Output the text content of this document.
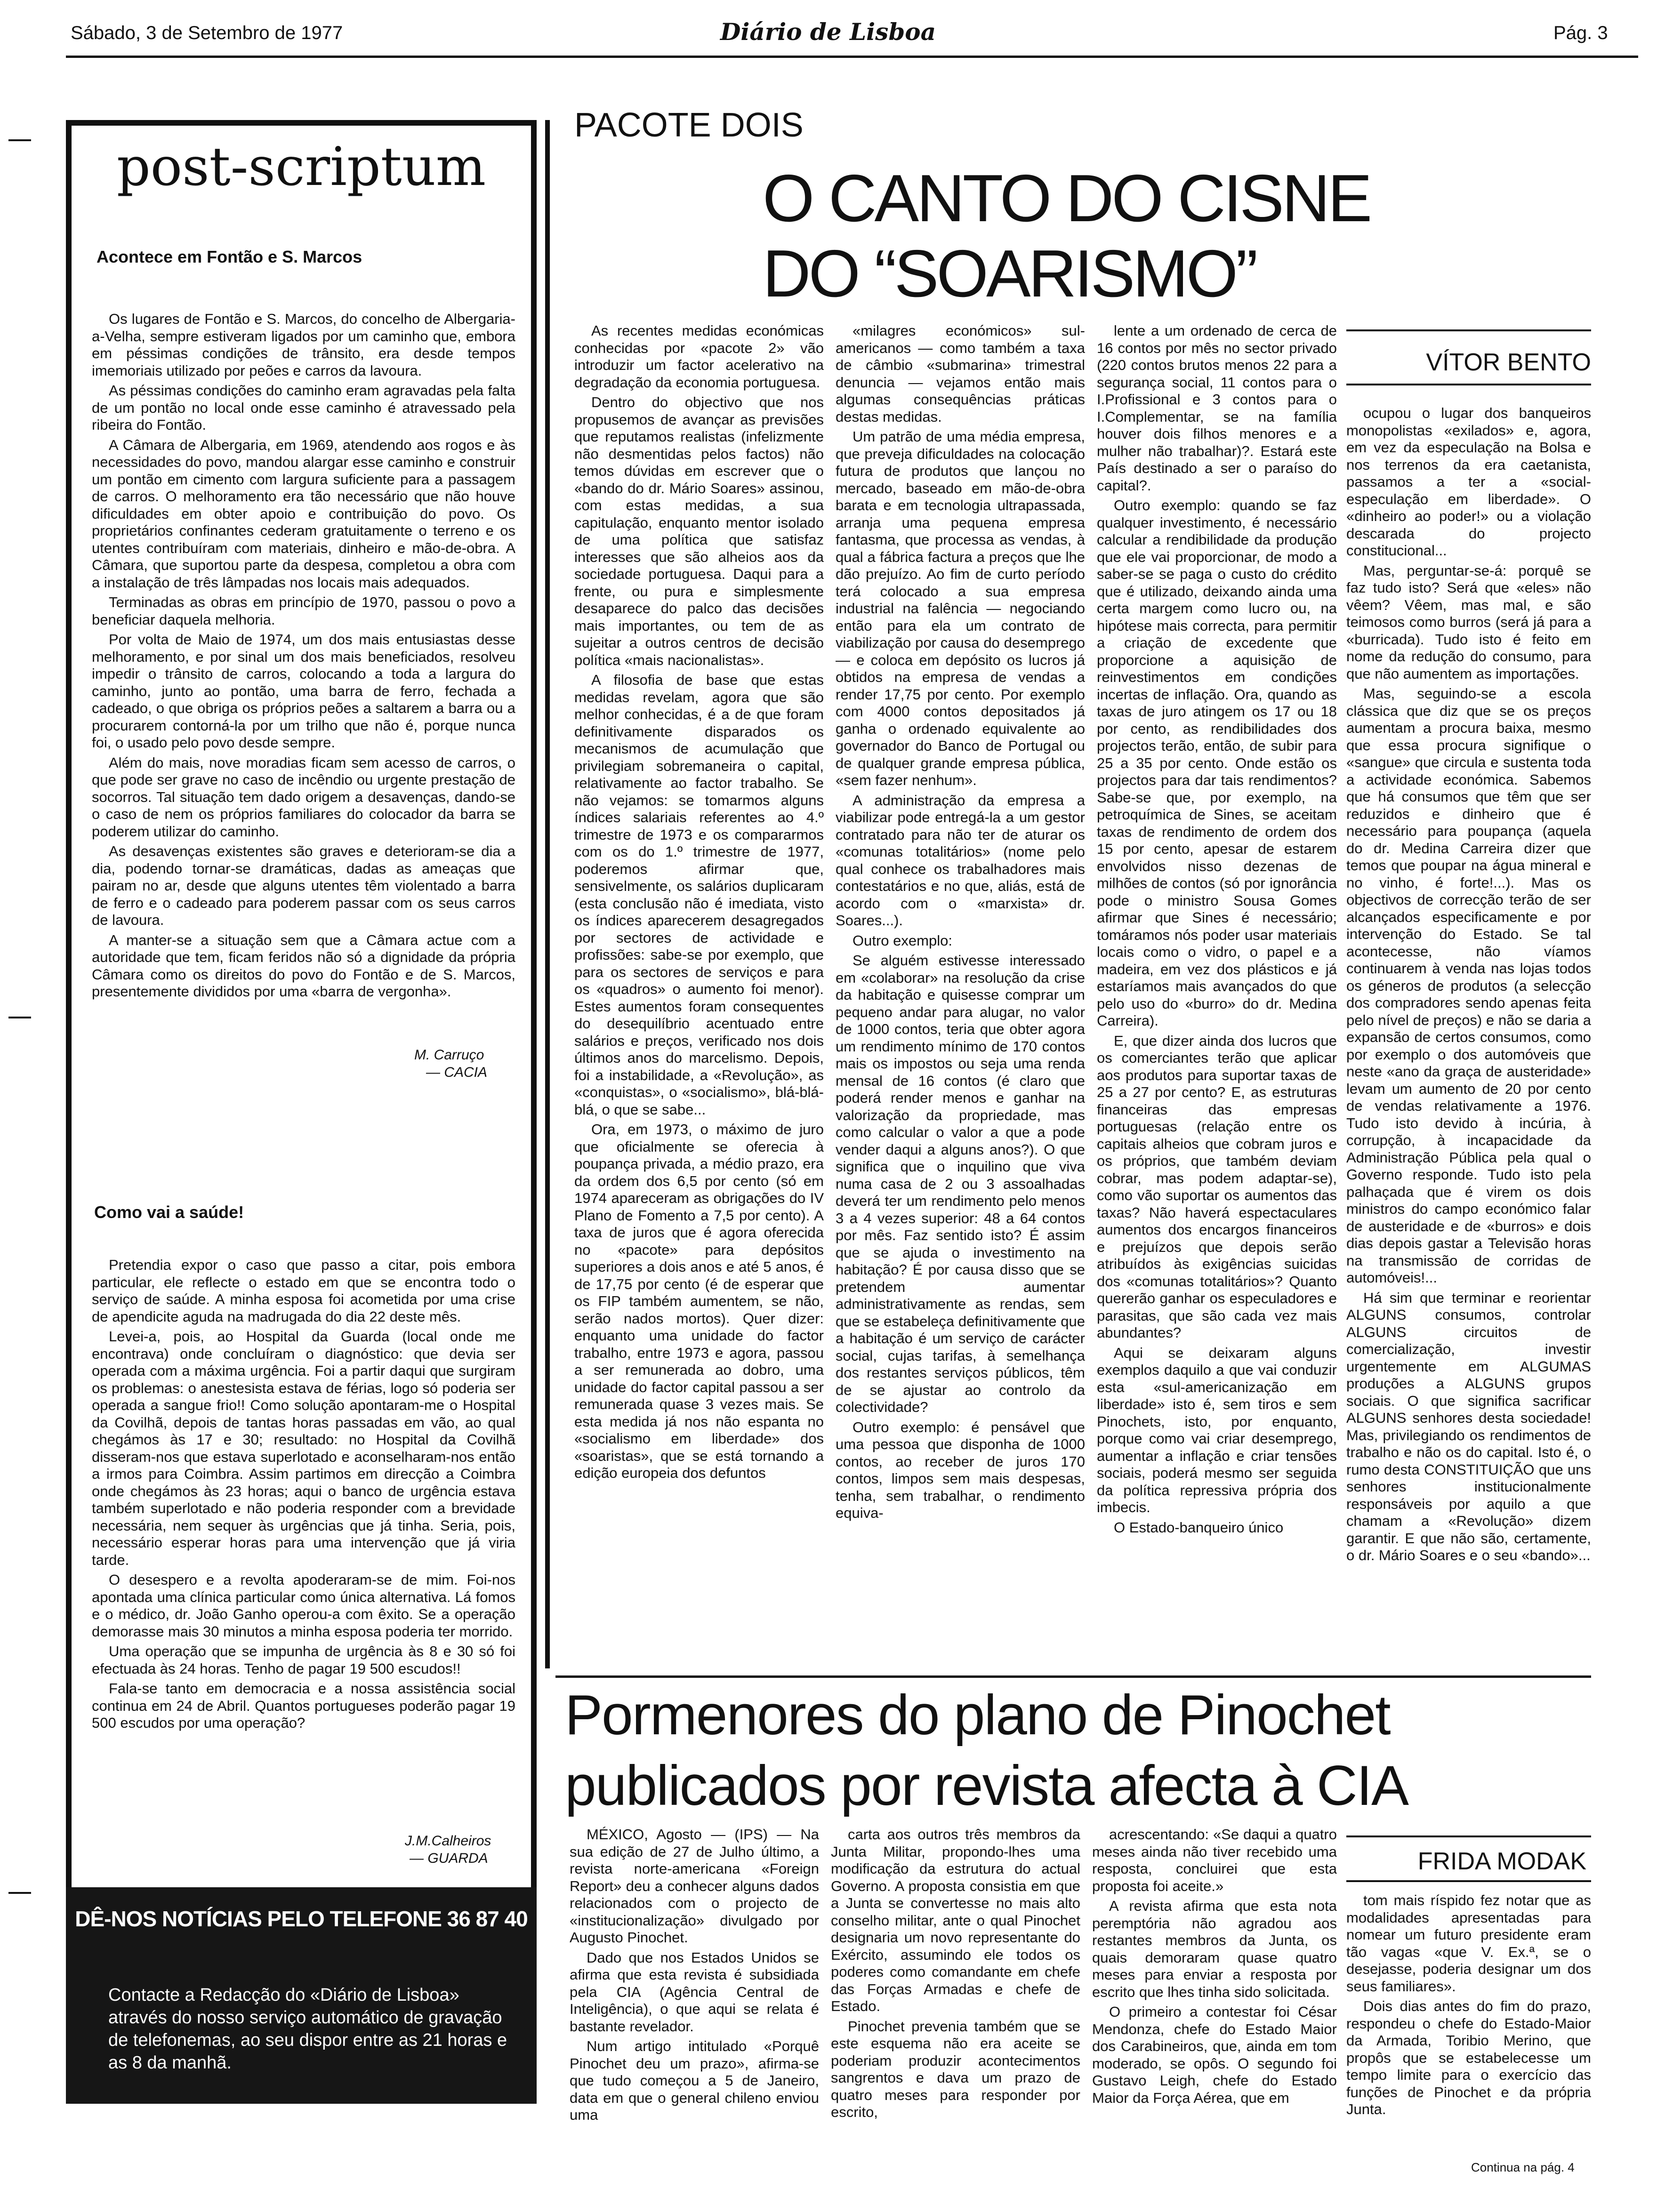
Sábado, 3 de Setembro de 1977	Diário de Lisboa	Pág. 3
post-scriptum
Acontece em Fontão e S. Marcos

Os lugares de Fontão e S. Marcos, do concelho de Albergaria-a-Velha, sempre estiveram ligados por um caminho que, embora em péssimas condições de trânsito, era desde tempos imemoriais utilizado por peões e carros da lavoura.

As péssimas condições do caminho eram agravadas pela falta de um pontão no local onde esse caminho é atravessado pela ribeira do Fontão.

A Câmara de Albergaria, em 1969, atendendo aos rogos e às necessidades do povo, mandou alargar esse caminho e construir um pontão em cimento com largura suficiente para a passagem de carros. O melhoramento era tão necessário que não houve dificuldades em obter apoio e contribuição do povo. Os proprietários confinantes cederam gratuitamente o terreno e os utentes contribuíram com materiais, dinheiro e mão-de-obra. A Câmara, que suportou parte da despesa, completou a obra com a instalação de três lâmpadas nos locais mais adequados.

Terminadas as obras em princípio de 1970, passou o povo a beneficiar daquela melhoria.

Por volta de Maio de 1974, um dos mais entusiastas desse melhoramento, e por sinal um dos mais beneficiados, resolveu impedir o trânsito de carros, colocando a toda a largura do caminho, junto ao pontão, uma barra de ferro, fechada a cadeado, o que obriga os próprios peões a saltarem a barra ou a procurarem contorná-la por um trilho que não é, porque nunca foi, o usado pelo povo desde sempre.

Além do mais, nove moradias ficam sem acesso de carros, o que pode ser grave no caso de incêndio ou urgente prestação de socorros. Tal situação tem dado origem a desavenças, dando-se o caso de nem os próprios familiares do colocador da barra se poderem utilizar do caminho.

As desavenças existentes são graves e deterioram-se dia a dia, podendo tornar-se dramáticas, dadas as ameaças que pairam no ar, desde que alguns utentes têm violentado a barra de ferro e o cadeado para poderem passar com os seus carros de lavoura.

A manter-se a situação sem que a Câmara actue com a autoridade que tem, ficam feridos não só a dignidade da própria Câmara como os direitos do povo do Fontão e de S. Marcos, presentemente divididos por uma «barra de vergonha».

M. Carruço
— CACIA
Como vai a saúde!

Pretendia expor o caso que passo a citar, pois embora particular, ele reflecte o estado em que se encontra todo o serviço de saúde. A minha esposa foi acometida por uma crise de apendicite aguda na madrugada do dia 22 deste mês.

Levei-a, pois, ao Hospital da Guarda (local onde me encontrava) onde concluíram o diagnóstico: que devia ser operada com a máxima urgência. Foi a partir daqui que surgiram os problemas: o anestesista estava de férias, logo só poderia ser operada a sangue frio!! Como solução apontaram-me o Hospital da Covilhã, depois de tantas horas passadas em vão, ao qual chegámos às 17 e 30; resultado: no Hospital da Covilhã disseram-nos que estava superlotado e aconselharam-nos então a irmos para Coimbra. Assim partimos em direcção a Coimbra onde chegámos às 23 horas; aqui o banco de urgência estava também superlotado e não poderia responder com a brevidade necessária, nem sequer às urgências que já tinha. Seria, pois, necessário esperar horas para uma intervenção que já viria tarde.

O desespero e a revolta apoderaram-se de mim. Foi-nos apontada uma clínica particular como única alternativa. Lá fomos e o médico, dr. João Ganho operou-a com êxito. Se a operação demorasse mais 30 minutos a minha esposa poderia ter morrido.

Uma operação que se impunha de urgência às 8 e 30 só foi efectuada às 24 horas. Tenho de pagar 19 500 escudos!!

Fala-se tanto em democracia e a nossa assistência social continua em 24 de Abril. Quantos portugueses poderão pagar 19 500 escudos por uma operação?

J.M.Calheiros
— GUARDA
DÊ-NOS NOTÍCIAS PELO TELEFONE 36 87 40
Contacte a Redacção do «Diário de Lisboa» através do nosso serviço automático de gravação de telefonemas, ao seu dispor entre as 21 horas e as 8 da manhã.
PACOTE DOIS
O CANTO DO CISNE
DO “SOARISMO”
VÍTOR BENTO

As recentes medidas económicas conhecidas por «pacote 2» vão introduzir um factor acelerativo na degradação da economia portuguesa.

Dentro do objectivo que nos propusemos de avançar as previsões que reputamos realistas (infelizmente não desmentidas pelos factos) não temos dúvidas em escrever que o «bando do dr. Mário Soares» assinou, com estas medidas, a sua capitulação, enquanto mentor isolado de uma política que satisfaz interesses que são alheios aos da sociedade portuguesa. Daqui para a frente, ou pura e simplesmente desaparece do palco das decisões mais importantes, ou tem de as sujeitar a outros centros de decisão política «mais nacionalistas».

A filosofia de base que estas medidas revelam, agora que são melhor conhecidas, é a de que foram definitivamente disparados os mecanismos de acumulação que privilegiam sobremaneira o capital, relativamente ao factor trabalho. Se não vejamos: se tomarmos alguns índices salariais referentes ao 4.º trimestre de 1973 e os compararmos com os do 1.º trimestre de 1977, poderemos afirmar que, sensivelmente, os salários duplicaram (esta conclusão não é imediata, visto os índices aparecerem desagregados por sectores de actividade e profissões: sabe-se por exemplo, que para os sectores de serviços e para os «quadros» o aumento foi menor). Estes aumentos foram consequentes do desequilíbrio acentuado entre salários e preços, verificado nos dois últimos anos do marcelismo. Depois, foi a instabilidade, a «Revolução», as «conquistas», o «socialismo», blá-blá-blá, o que se sabe...

Ora, em 1973, o máximo de juro que oficialmente se oferecia à poupança privada, a médio prazo, era da ordem dos 6,5 por cento (só em 1974 apareceram as obrigações do IV Plano de Fomento a 7,5 por cento). A taxa de juros que é agora oferecida no «pacote» para depósitos superiores a dois anos e até 5 anos, é de 17,75 por cento (é de esperar que os FIP também aumentem, se não, serão nados mortos). Quer dizer: enquanto uma unidade do factor trabalho, entre 1973 e agora, passou a ser remunerada ao dobro, uma unidade do factor capital passou a ser remunerada quase 3 vezes mais. Se esta medida já nos não espanta no «socialismo em liberdade» dos «soaristas», que se está tornando a edição europeia dos defuntos

«milagres económicos» sul-americanos — como também a taxa de câmbio «submarina» trimestral denuncia — vejamos então mais algumas consequências práticas destas medidas.

Um patrão de uma média empresa, que preveja dificuldades na colocação futura de produtos que lançou no mercado, baseado em mão-de-obra barata e em tecnologia ultrapassada, arranja uma pequena empresa fantasma, que processa as vendas, à qual a fábrica factura a preços que lhe dão prejuízo. Ao fim de curto período terá colocado a sua empresa industrial na falência — negociando então para ela um contrato de viabilização por causa do desemprego — e coloca em depósito os lucros já obtidos na empresa de vendas a render 17,75 por cento. Por exemplo com 4000 contos depositados já ganha o ordenado equivalente ao governador do Banco de Portugal ou de qualquer grande empresa pública, «sem fazer nenhum».

A administração da empresa a viabilizar pode entregá-la a um gestor contratado para não ter de aturar os «comunas totalitários» (nome pelo qual conhece os trabalhadores mais contestatários e no que, aliás, está de acordo com o «marxista» dr. Soares...).

Outro exemplo:

Se alguém estivesse interessado em «colaborar» na resolução da crise da habitação e quisesse comprar um pequeno andar para alugar, no valor de 1000 contos, teria que obter agora um rendimento mínimo de 170 contos mais os impostos ou seja uma renda mensal de 16 contos (é claro que poderá render menos e ganhar na valorização da propriedade, mas como calcular o valor a que a pode vender daqui a alguns anos?). O que significa que o inquilino que viva numa casa de 2 ou 3 assoalhadas deverá ter um rendimento pelo menos 3 a 4 vezes superior: 48 a 64 contos por mês. Faz sentido isto? É assim que se ajuda o investimento na habitação? É por causa disso que se pretendem aumentar administrativamente as rendas, sem que se estabeleça definitivamente que a habitação é um serviço de carácter social, cujas tarifas, à semelhança dos restantes serviços públicos, têm de se ajustar ao controlo da colectividade?

Outro exemplo: é pensável que uma pessoa que disponha de 1000 contos, ao receber de juros 170 contos, limpos sem mais despesas, tenha, sem trabalhar, o rendimento equiva-

lente a um ordenado de cerca de 16 contos por mês no sector privado (220 contos brutos menos 22 para a segurança social, 11 contos para o I.Profissional e 3 contos para o I.Complementar, se na família houver dois filhos menores e a mulher não trabalhar)?. Estará este País destinado a ser o paraíso do capital?.

Outro exemplo: quando se faz qualquer investimento, é necessário calcular a rendibilidade da produção que ele vai proporcionar, de modo a saber-se se paga o custo do crédito que é utilizado, deixando ainda uma certa margem como lucro ou, na hipótese mais correcta, para permitir a criação de excedente que proporcione a aquisição de reinvestimentos em condições incertas de inflação. Ora, quando as taxas de juro atingem os 17 ou 18 por cento, as rendibilidades dos projectos terão, então, de subir para 25 a 35 por cento. Onde estão os projectos para dar tais rendimentos? Sabe-se que, por exemplo, na petroquímica de Sines, se aceitam taxas de rendimento de ordem dos 15 por cento, apesar de estarem envolvidos nisso dezenas de milhões de contos (só por ignorância pode o ministro Sousa Gomes afirmar que Sines é necessário; tomáramos nós poder usar materiais locais como o vidro, o papel e a madeira, em vez dos plásticos e já estaríamos mais avançados do que pelo uso do «burro» do dr. Medina Carreira).

E, que dizer ainda dos lucros que os comerciantes terão que aplicar aos produtos para suportar taxas de 25 a 27 por cento? E, as estruturas financeiras das empresas portuguesas (relação entre os capitais alheios que cobram juros e os próprios, que também deviam cobrar, mas podem adaptar-se), como vão suportar os aumentos das taxas? Não haverá espectaculares aumentos dos encargos financeiros e prejuízos que depois serão atribuídos às exigências suicidas dos «comunas totalitários»? Quanto quererão ganhar os especuladores e parasitas, que são cada vez mais abundantes?

Aqui se deixaram alguns exemplos daquilo a que vai conduzir esta «sul-americanização em liberdade» isto é, sem tiros e sem Pinochets, isto, por enquanto, porque como vai criar desemprego, aumentar a inflação e criar tensões sociais, poderá mesmo ser seguida da política repressiva própria dos imbecis.

O Estado-banqueiro único

ocupou o lugar dos banqueiros monopolistas «exilados» e, agora, em vez da especulação na Bolsa e nos terrenos da era caetanista, passamos a ter a «social-especulação em liberdade». O «dinheiro ao poder!» ou a violação descarada do projecto constitucional...

Mas, perguntar-se-á: porquê se faz tudo isto? Será que «eles» não vêem? Vêem, mas mal, e são teimosos como burros (será já para a «burricada). Tudo isto é feito em nome da redução do consumo, para que não aumentem as importações.

Mas, seguindo-se a escola clássica que diz que se os preços aumentam a procura baixa, mesmo que essa procura signifique o «sangue» que circula e sustenta toda a actividade económica. Sabemos que há consumos que têm que ser reduzidos e dinheiro que é necessário para poupança (aquela do dr. Medina Carreira dizer que temos que poupar na água mineral e no vinho, é forte!...). Mas os objectivos de correcção terão de ser alcançados especificamente e por intervenção do Estado. Se tal acontecesse, não víamos continuarem à venda nas lojas todos os géneros de produtos (a selecção dos compradores sendo apenas feita pelo nível de preços) e não se daria a expansão de certos consumos, como por exemplo o dos automóveis que neste «ano da graça de austeridade» levam um aumento de 20 por cento de vendas relativamente a 1976. Tudo isto devido à incúria, à corrupção, à incapacidade da Administração Pública pela qual o Governo responde. Tudo isto pela palhaçada que é virem os dois ministros do campo económico falar de austeridade e de «burros» e dois dias depois gastar a Televisão horas na transmissão de corridas de automóveis!...

Há sim que terminar e reorientar ALGUNS consumos, controlar ALGUNS circuitos de comercialização, investir urgentemente em ALGUMAS produções a ALGUNS grupos sociais. O que significa sacrificar ALGUNS senhores desta sociedade! Mas, privilegiando os rendimentos de trabalho e não os do capital. Isto é, o rumo desta CONSTITUIÇÃO que uns senhores institucionalmente responsáveis por aquilo a que chamam a «Revolução» dizem garantir. E que não são, certamente, o dr. Mário Soares e o seu «bando»...

Pormenores do plano de Pinochet
publicados por revista afecta à CIA
FRIDA MODAK

MÉXICO, Agosto — (IPS) — Na sua edição de 27 de Julho último, a revista norte-americana «Foreign Report» deu a conhecer alguns dados relacionados com o projecto de «institucionalização» divulgado por Augusto Pinochet.

Dado que nos Estados Unidos se afirma que esta revista é subsidiada pela CIA (Agência Central de Inteligência), o que aqui se relata é bastante revelador.

Num artigo intitulado «Porquê Pinochet deu um prazo», afirma-se que tudo começou a 5 de Janeiro, data em que o general chileno enviou uma

carta aos outros três membros da Junta Militar, propondo-lhes uma modificação da estrutura do actual Governo. A proposta consistia em que a Junta se convertesse no mais alto conselho militar, ante o qual Pinochet designaria um novo representante do Exército, assumindo ele todos os poderes como comandante em chefe das Forças Armadas e chefe de Estado.

Pinochet prevenia também que se este esquema não era aceite se poderiam produzir acontecimentos sangrentos e dava um prazo de quatro meses para responder por escrito,

acrescentando: «Se daqui a quatro meses ainda não tiver recebido uma resposta, concluirei que esta proposta foi aceite.»

A revista afirma que esta nota peremptória não agradou aos restantes membros da Junta, os quais demoraram quase quatro meses para enviar a resposta por escrito que lhes tinha sido solicitada.

O primeiro a contestar foi César Mendonza, chefe do Estado Maior dos Carabineiros, que, ainda em tom moderado, se opôs. O segundo foi Gustavo Leigh, chefe do Estado Maior da Força Aérea, que em

tom mais ríspido fez notar que as modalidades apresentadas para nomear um futuro presidente eram tão vagas «que V. Ex.ª, se o desejasse, poderia designar um dos seus familiares».

Dois dias antes do fim do prazo, respondeu o chefe do Estado-Maior da Armada, Toribio Merino, que propôs que se estabelecesse um tempo limite para o exercício das funções de Pinochet e da própria Junta.

Continua na pág. 4
